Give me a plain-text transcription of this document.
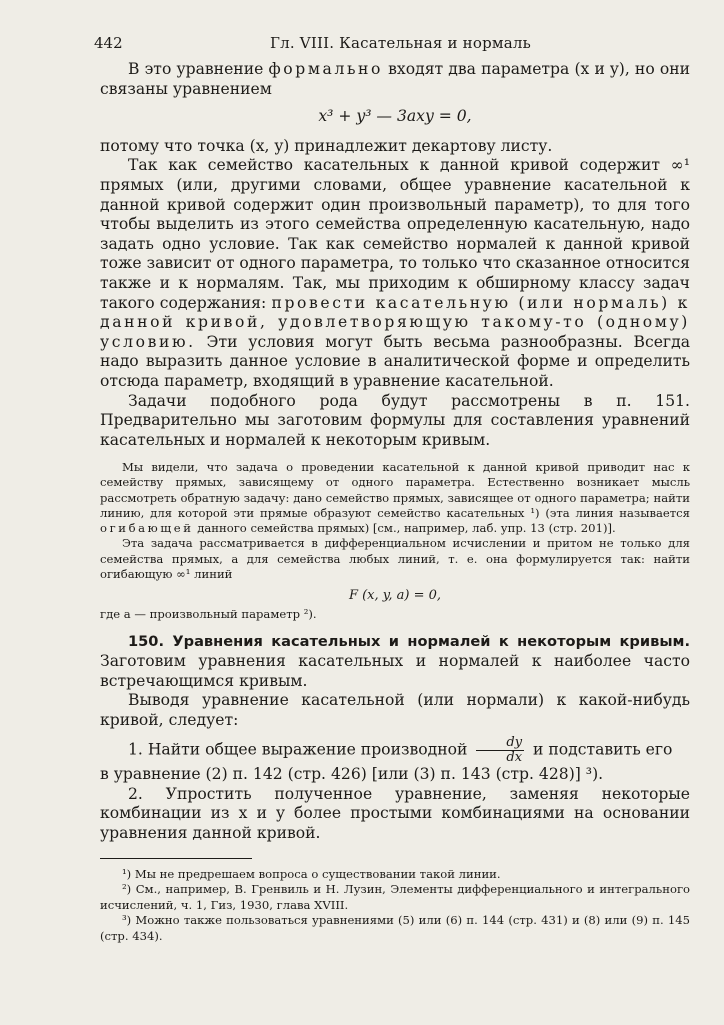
442	Гл. VIII. Касательная и нормаль

В это уравнение формально входят два параметра (x и y), но они связаны уравнением

x³ + y³ — 3axy = 0,

потому что точка (x, y) принадлежит декартову листу.

Так как семейство касательных к данной кривой содержит ∞¹ прямых (или, другими словами, общее уравнение касательной к данной кривой содержит один произвольный параметр), то для того чтобы выделить из этого семейства определенную касательную, надо задать одно условие. Так как семейство нормалей к данной кривой тоже зависит от одного параметра, то только что сказанное относится также и к нормалям. Так, мы приходим к обширному классу задач такого содержания: провести касательную (или нормаль) к данной кривой, удовлетворяющую такому-то (одному) условию. Эти условия могут быть весьма разнообразны. Всегда надо выразить данное условие в аналитической форме и определить отсюда параметр, входящий в уравнение касательной.

Задачи подобного рода будут рассмотрены в п. 151. Предварительно мы заготовим формулы для составления уравнений касательных и нормалей к некоторым кривым.

Мы видели, что задача о проведении касательной к данной кривой приводит нас к семейству прямых, зависящему от одного параметра. Естественно возникает мысль рассмотреть обратную задачу: дано семейство прямых, зависящее от одного параметра; найти линию, для которой эти прямые образуют семейство касательных ¹) (эта линия называется огибающей данного семейства прямых) [см., например, лаб. упр. 13 (стр. 201)].

Эта задача рассматривается в дифференциальном исчислении и притом не только для семейства прямых, а для семейства любых линий, т. е. она формулируется так: найти огибающую ∞¹ линий

F (x, y, a) = 0,

где a — произвольный параметр ²).

150. Уравнения касательных и нормалей к некоторым кривым. Заготовим уравнения касательных и нормалей к наиболее часто встречающимся кривым.

Выводя уравнение касательной (или нормали) к какой-нибудь кривой, следует:

1. Найти общее выражение производной $\frac{dy}{dx}$ и подставить его

в уравнение (2) п. 142 (стр. 426) [или (3) п. 143 (стр. 428)] ³).

2. Упростить полученное уравнение, заменяя некоторые комбинации из x и y более простыми комбинациями на основании уравнения данной кривой.

¹) Мы не предрешаем вопроса о существовании такой линии.

²) См., например, В. Гренвиль и Н. Лузин, Элементы дифференциального и интегрального исчислений, ч. 1, Гиз, 1930, глава XVIII.

³) Можно также пользоваться уравнениями (5) или (6) п. 144 (стр. 431) и (8) или (9) п. 145 (стр. 434).
